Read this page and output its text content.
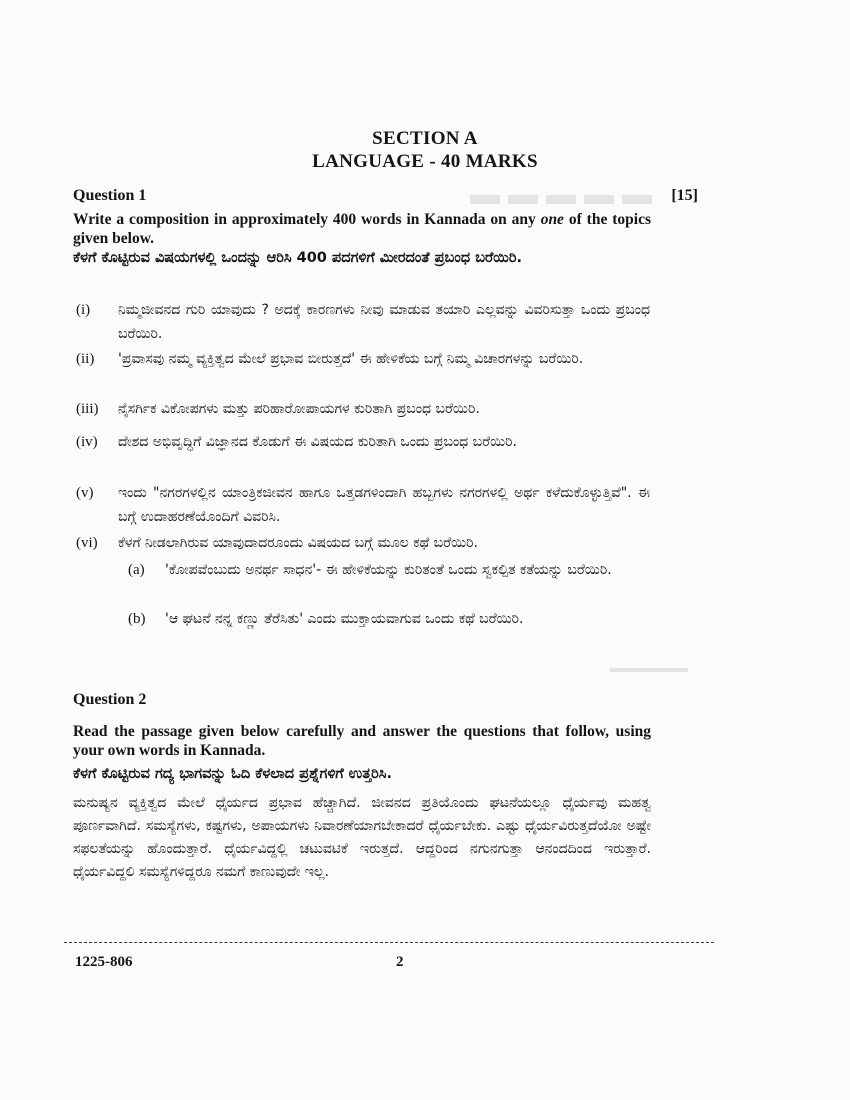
▬▬▬▬▬
▬▬▬▬▬▬
SECTION A
LANGUAGE - 40 MARKS
Question 1	[15]
Write a composition in approximately 400 words in Kannada on any one of the topics given below.
ಕೆಳಗೆ ಕೊಟ್ಟಿರುವ ವಿಷಯಗಳಲ್ಲಿ ಒಂದನ್ನು ಆರಿಸಿ 400 ಪದಗಳಿಗೆ ಮೀರದಂತೆ ಪ್ರಬಂಧ ಬರೆಯಿರಿ.
(i) ನಿಮ್ಮಜೀವನದ ಗುರಿ ಯಾವುದು ? ಅದಕ್ಕೆ ಕಾರಣಗಳು ನೀವು ಮಾಡುವ ತಯಾರಿ ಎಲ್ಲವನ್ನು ವಿವರಿಸುತ್ತಾ ಒಂದು ಪ್ರಬಂಧ ಬರೆಯಿರಿ.
(ii) 'ಪ್ರವಾಸವು ನಮ್ಮ ವ್ಯಕ್ತಿತ್ವದ ಮೇಲೆ ಪ್ರಭಾವ ಬೀರುತ್ತದೆ' ಈ ಹೇಳಿಕೆಯ ಬಗ್ಗೆ ನಿಮ್ಮ ವಿಚಾರಗಳನ್ನು ಬರೆಯಿರಿ.
(iii) ನೈಸರ್ಗಿಕ ವಿಕೋಪಗಳು ಮತ್ತು ಪರಿಹಾರೋಪಾಯಗಳ ಕುರಿತಾಗಿ ಪ್ರಬಂಧ ಬರೆಯಿರಿ.
(iv) ದೇಶದ ಅಭಿವೃದ್ಧಿಗೆ ವಿಜ್ಞಾನದ ಕೊಡುಗೆ ಈ ವಿಷಯದ ಕುರಿತಾಗಿ ಒಂದು ಪ್ರಬಂಧ ಬರೆಯಿರಿ.
(v) ಇಂದು "ನಗರಗಳಲ್ಲಿನ ಯಾಂತ್ರಿಕಜೀವನ ಹಾಗೂ ಒತ್ತಡಗಳಿಂದಾಗಿ ಹಬ್ಬಗಳು ನಗರಗಳಲ್ಲಿ ಅರ್ಥ ಕಳೆದುಕೊಳ್ಳುತ್ತಿವೆ". ಈ ಬಗ್ಗೆ ಉದಾಹರಣೆಯೊಂದಿಗೆ ವಿವರಿಸಿ.
(vi) ಕೆಳಗೆ ನೀಡಲಾಗಿರುವ ಯಾವುದಾದರೂಂದು ವಿಷಯದ ಬಗ್ಗೆ ಮೂಲ ಕಥೆ ಬರೆಯಿರಿ.
(a) 'ಕೋಪವೆಂಬುದು ಅನರ್ಥ ಸಾಧನ'- ಈ ಹೇಳಿಕೆಯನ್ನು ಕುರಿತಂತೆ ಒಂದು ಸ್ವಕಲ್ಪಿತ ಕತೆಯನ್ನು ಬರೆಯಿರಿ.
(b) 'ಆ ಘಟನೆ ನನ್ನ ಕಣ್ಣು ತೆರೆಸಿತು' ಎಂದು ಮುಕ್ತಾಯವಾಗುವ ಒಂದು ಕಥೆ ಬರೆಯಿರಿ.
Question 2
Read the passage given below carefully and answer the questions that follow, using your own words in Kannada.
ಕೆಳಗೆ ಕೊಟ್ಟಿರುವ ಗದ್ಯ ಭಾಗವನ್ನು ಓದಿ ಕೆಳಲಾದ ಪ್ರಶ್ನೆಗಳಿಗೆ ಉತ್ತರಿಸಿ.
ಮನುಷ್ಯನ ವ್ಯಕ್ತಿತ್ವದ ಮೇಲೆ ಧೈರ್ಯದ ಪ್ರಭಾವ ಹೆಚ್ಚಾಗಿದೆ. ಜೀವನದ ಪ್ರತಿಯೊಂದು ಘಟನೆಯಲ್ಲೂ ಧೈರ್ಯವು ಮಹತ್ವ ಪೂರ್ಣವಾಗಿದೆ. ಸಮಸ್ಯೆಗಳು, ಕಷ್ಟಗಳು, ಅಪಾಯಗಳು ನಿವಾರಣೆಯಾಗಬೇಕಾದರೆ ಧೈರ್ಯಬೇಕು. ಎಷ್ಟು ಧೈರ್ಯವಿರುತ್ತದೆಯೋ ಅಷ್ಟೇ ಸಫಲತೆಯನ್ನು ಹೊಂದುತ್ತಾರೆ. ಧೈರ್ಯವಿದ್ದಲ್ಲಿ ಚಟುವಟಿಕೆ ಇರುತ್ತದೆ. ಆದ್ದರಿಂದ ನಗುನಗುತ್ತಾ ಆನಂದದಿಂದ ಇರುತ್ತಾರೆ. ಧೈರ್ಯವಿದ್ದಲಿ ಸಮಸ್ಯೆಗಳಿದ್ದರೂ ನಮಗೆ ಕಾಣುವುದೇ ಇಲ್ಲ.
1225-806	2
